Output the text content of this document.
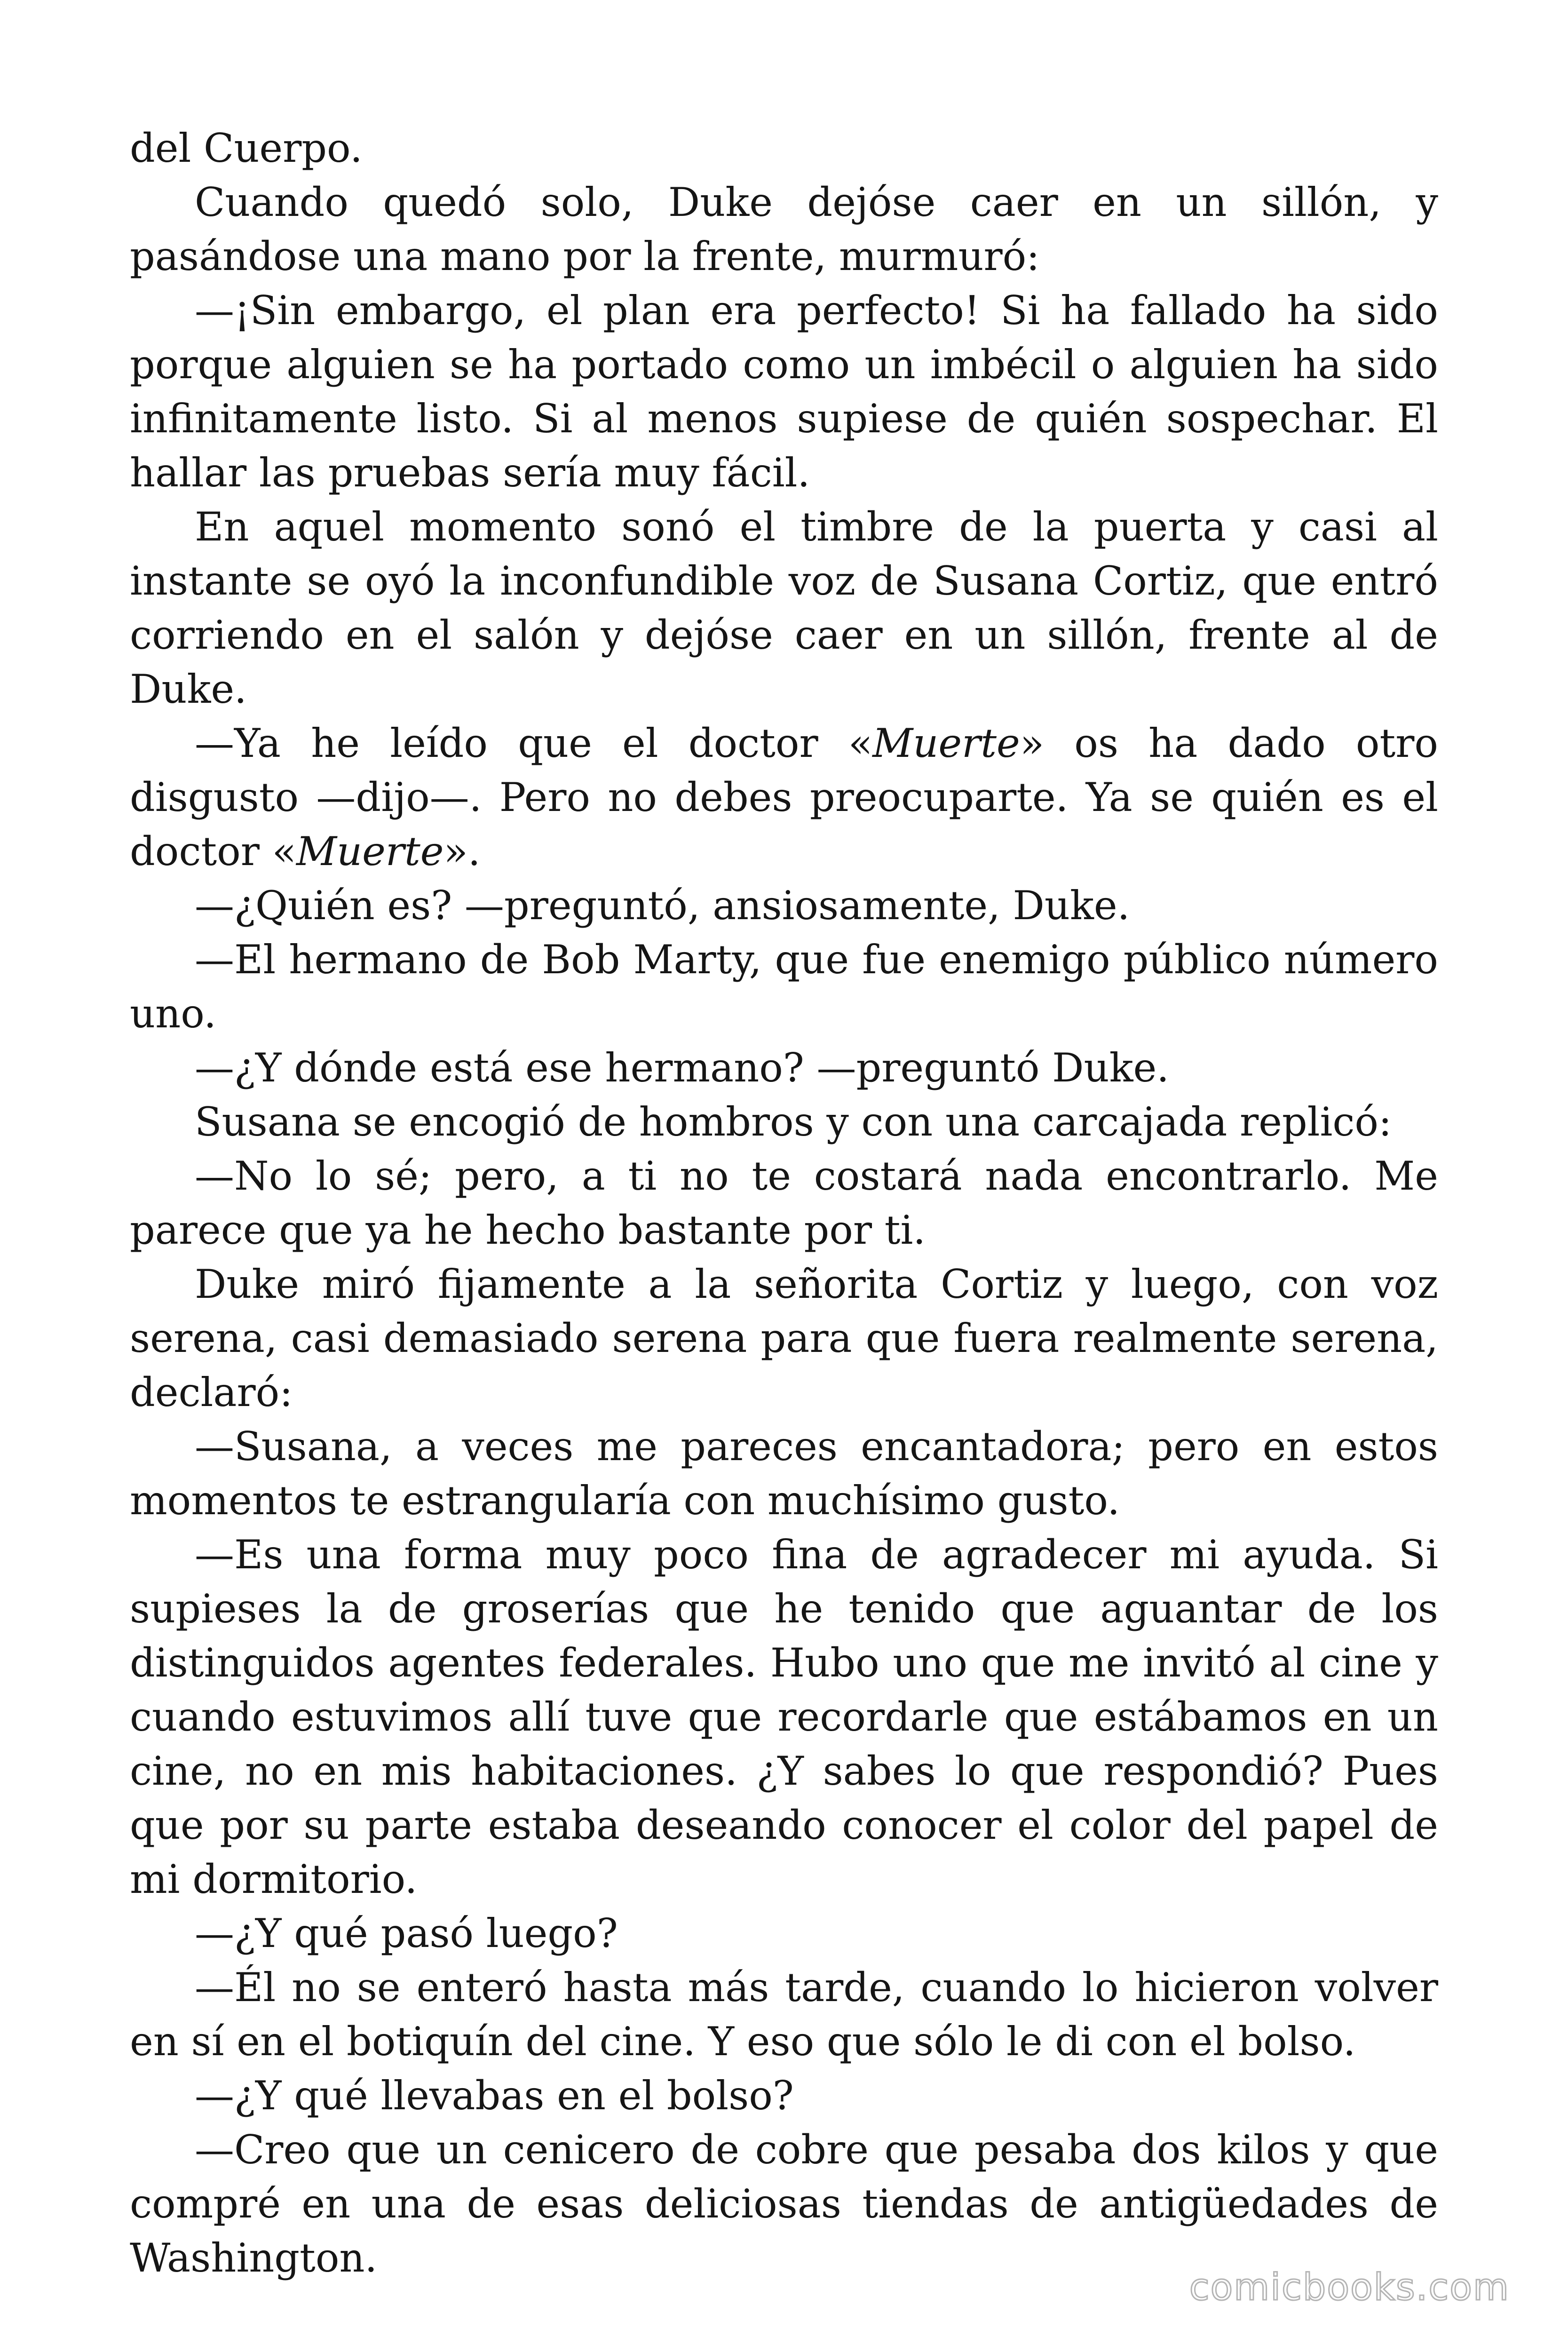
del Cuerpo.

Cuando quedó solo, Duke dejóse caer en un sillón, y pasándose una mano por la frente, murmuró:

—¡Sin embargo, el plan era perfecto! Si ha fallado ha sido porque alguien se ha portado como un imbécil o alguien ha sido infinitamente listo. Si al menos supiese de quién sospechar. El hallar las pruebas sería muy fácil.

En aquel momento sonó el timbre de la puerta y casi al instante se oyó la inconfundible voz de Susana Cortiz, que entró corriendo en el salón y dejóse caer en un sillón, frente al de Duke.

—Ya he leído que el doctor «Muerte» os ha dado otro disgusto —dijo—. Pero no debes preocuparte. Ya se quién es el doctor «Muerte».

—¿Quién es? —preguntó, ansiosamente, Duke.

—El hermano de Bob Marty, que fue enemigo público número uno.

—¿Y dónde está ese hermano? —preguntó Duke.

Susana se encogió de hombros y con una carcajada replicó:

—No lo sé; pero, a ti no te costará nada encontrarlo. Me parece que ya he hecho bastante por ti.

Duke miró fijamente a la señorita Cortiz y luego, con voz serena, casi demasiado serena para que fuera realmente serena, declaró:

—Susana, a veces me pareces encantadora; pero en estos momentos te estrangularía con muchísimo gusto.

—Es una forma muy poco fina de agradecer mi ayuda. Si supieses la de groserías que he tenido que aguantar de los distinguidos agentes federales. Hubo uno que me invitó al cine y cuando estuvimos allí tuve que recordarle que estábamos en un cine, no en mis habitaciones. ¿Y sabes lo que respondió? Pues que por su parte estaba deseando conocer el color del papel de mi dormitorio.

—¿Y qué pasó luego?

—Él no se enteró hasta más tarde, cuando lo hicieron volver en sí en el botiquín del cine. Y eso que sólo le di con el bolso.

—¿Y qué llevabas en el bolso?

—Creo que un cenicero de cobre que pesaba dos kilos y que compré en una de esas deliciosas tiendas de antigüedades de Washington.

comicbooks.com
